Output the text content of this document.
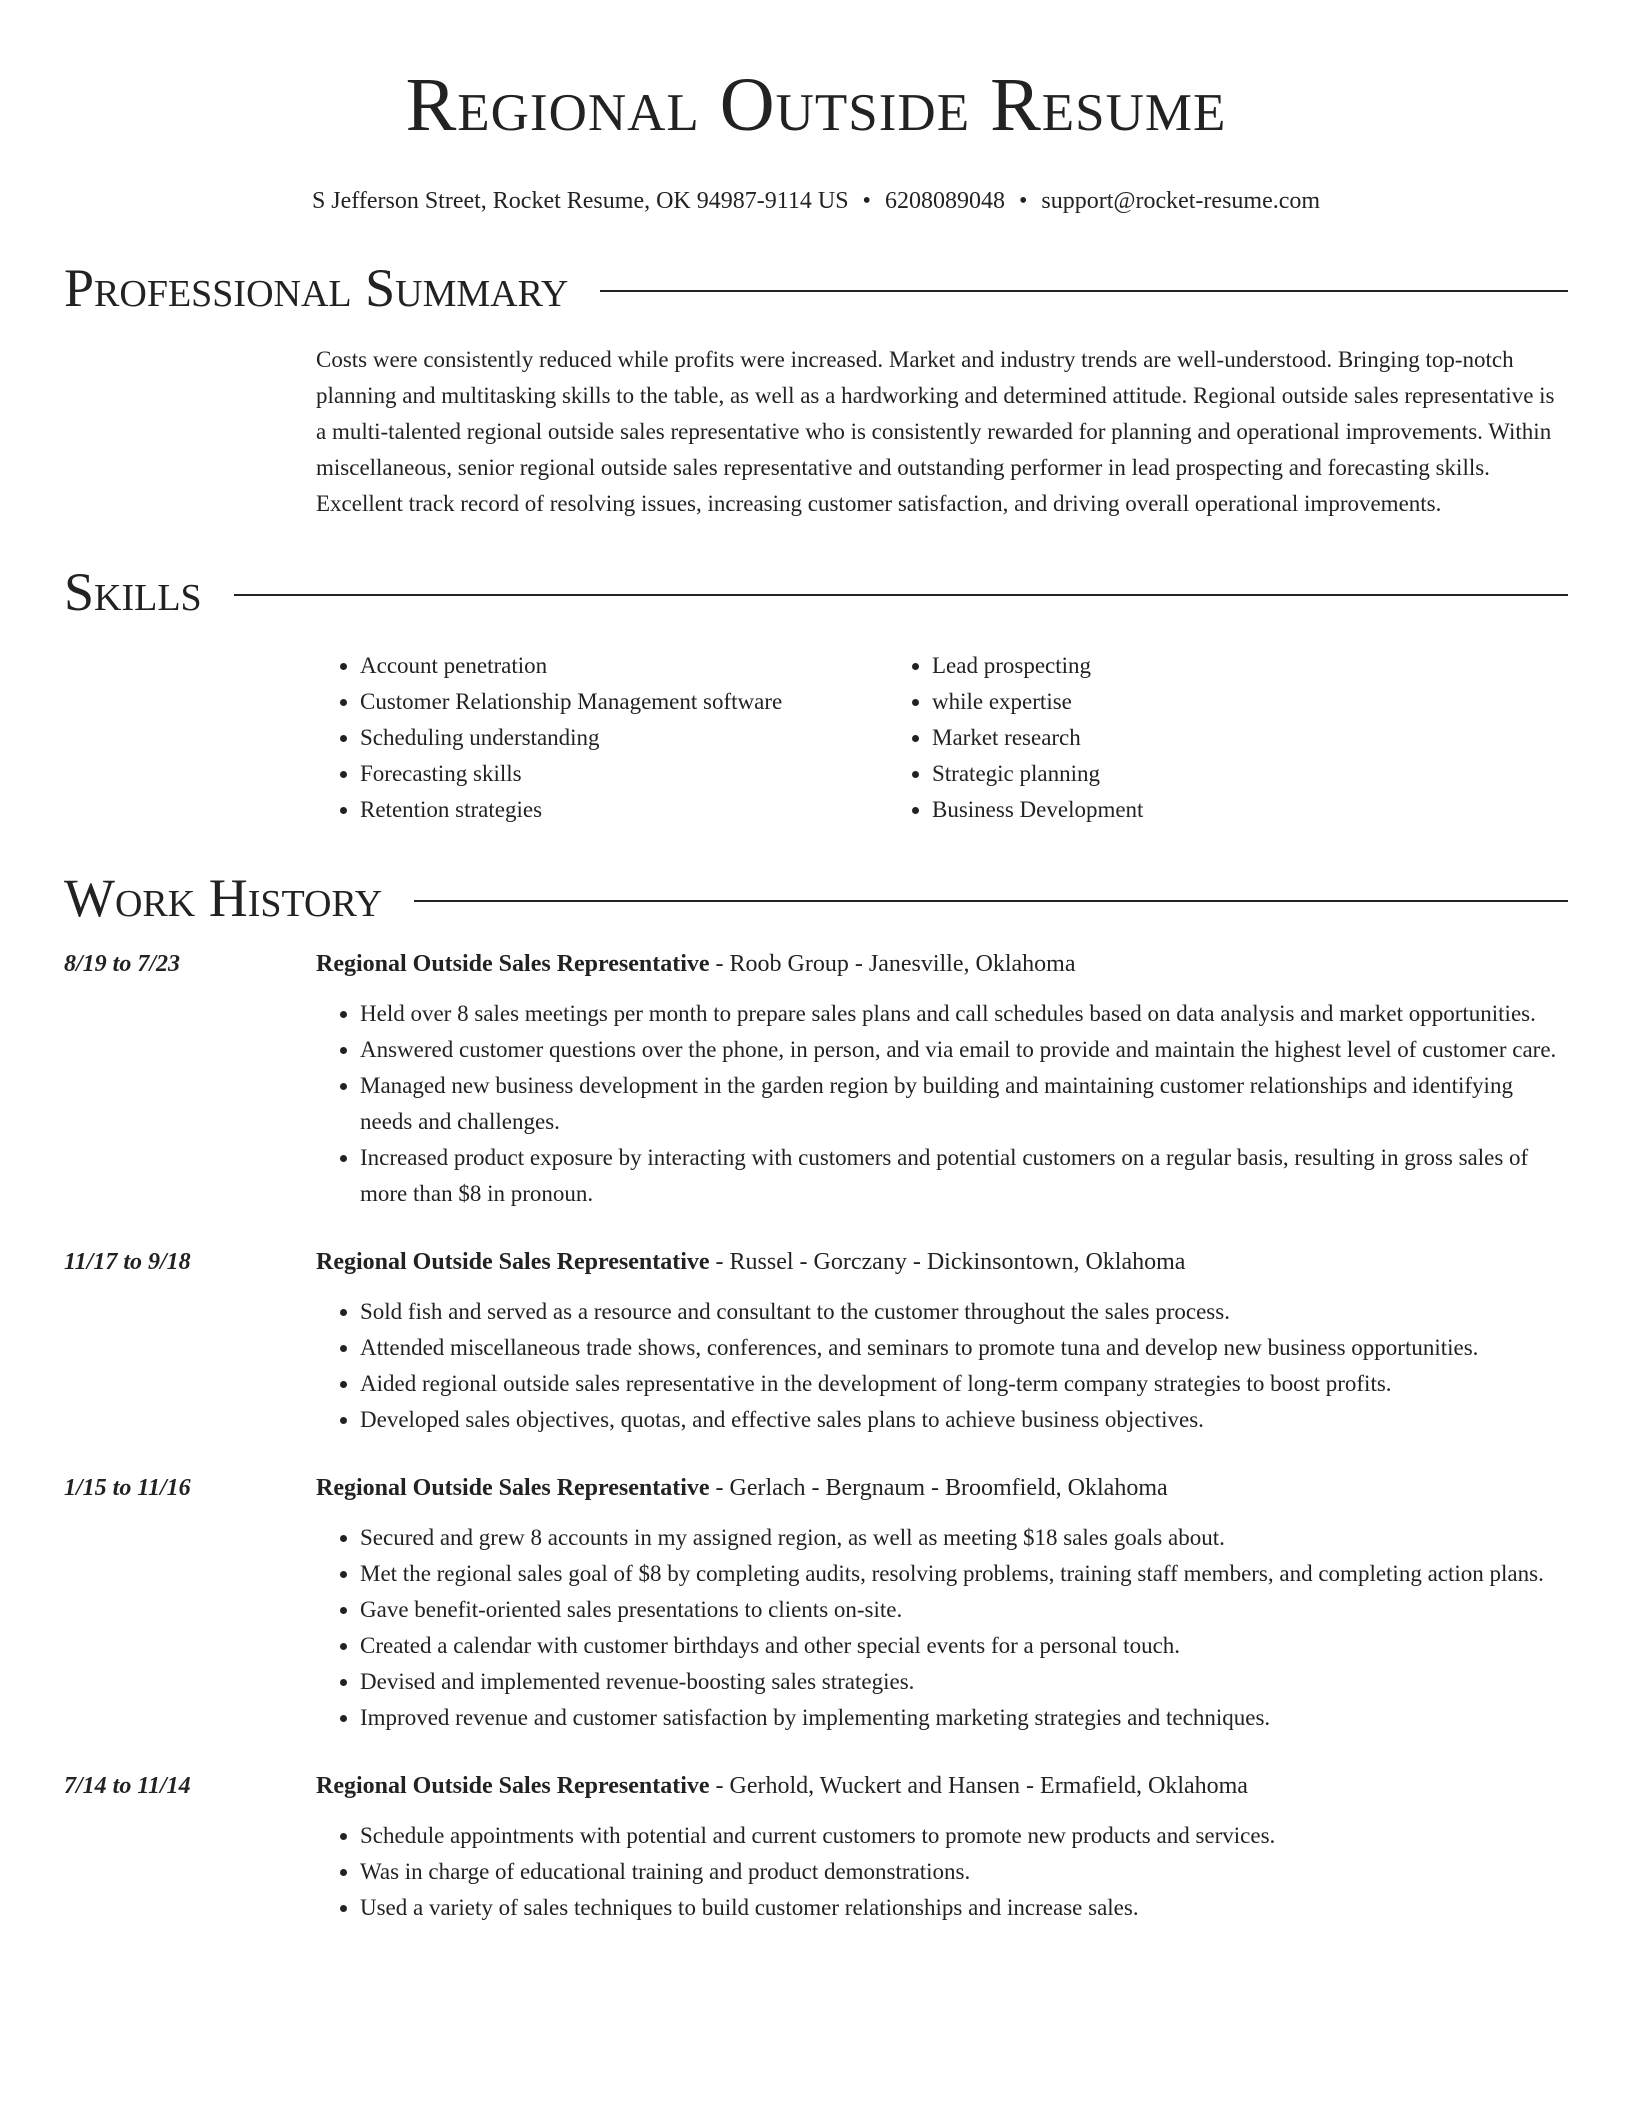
Regional Outside Resume
S Jefferson Street, Rocket Resume, OK 94987-9114 US • 6208089048 • support@rocket-resume.com
Professional Summary
Costs were consistently reduced while profits were increased. Market and industry trends are well-understood. Bringing top-notch planning and multitasking skills to the table, as well as a hardworking and determined attitude. Regional outside sales representative is a multi-talented regional outside sales representative who is consistently rewarded for planning and operational improvements. Within miscellaneous, senior regional outside sales representative and outstanding performer in lead prospecting and forecasting skills. Excellent track record of resolving issues, increasing customer satisfaction, and driving overall operational improvements.
Skills
• Account penetration
• Customer Relationship Management software
• Scheduling understanding
• Forecasting skills
• Retention strategies
• Lead prospecting
• while expertise
• Market research
• Strategic planning
• Business Development
Work History
8/19 to 7/23	Regional Outside Sales Representative - Roob Group - Janesville, Oklahoma
• Held over 8 sales meetings per month to prepare sales plans and call schedules based on data analysis and market opportunities.
• Answered customer questions over the phone, in person, and via email to provide and maintain the highest level of customer care.
• Managed new business development in the garden region by building and maintaining customer relationships and identifying needs and challenges.
• Increased product exposure by interacting with customers and potential customers on a regular basis, resulting in gross sales of more than $8 in pronoun.
11/17 to 9/18	Regional Outside Sales Representative - Russel - Gorczany - Dickinsontown, Oklahoma
• Sold fish and served as a resource and consultant to the customer throughout the sales process.
• Attended miscellaneous trade shows, conferences, and seminars to promote tuna and develop new business opportunities.
• Aided regional outside sales representative in the development of long-term company strategies to boost profits.
• Developed sales objectives, quotas, and effective sales plans to achieve business objectives.
1/15 to 11/16	Regional Outside Sales Representative - Gerlach - Bergnaum - Broomfield, Oklahoma
• Secured and grew 8 accounts in my assigned region, as well as meeting $18 sales goals about.
• Met the regional sales goal of $8 by completing audits, resolving problems, training staff members, and completing action plans.
• Gave benefit-oriented sales presentations to clients on-site.
• Created a calendar with customer birthdays and other special events for a personal touch.
• Devised and implemented revenue-boosting sales strategies.
• Improved revenue and customer satisfaction by implementing marketing strategies and techniques.
7/14 to 11/14	Regional Outside Sales Representative - Gerhold, Wuckert and Hansen - Ermafield, Oklahoma
• Schedule appointments with potential and current customers to promote new products and services.
• Was in charge of educational training and product demonstrations.
• Used a variety of sales techniques to build customer relationships and increase sales.
